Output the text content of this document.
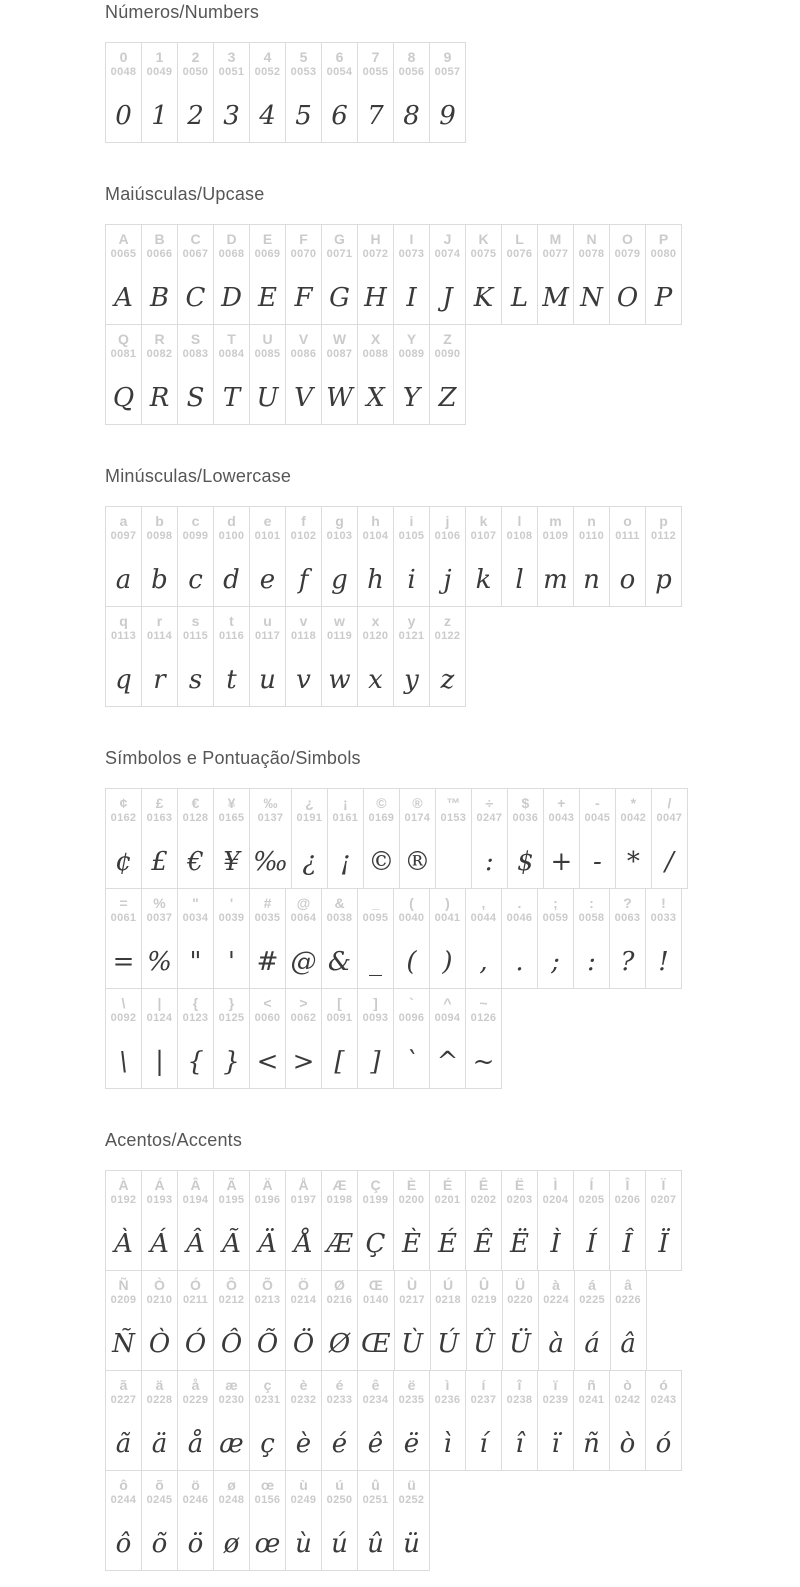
Números/Numbers
0
0048
0
1
0049
1
2
0050
2
3
0051
3
4
0052
4
5
0053
5
6
0054
6
7
0055
7
8
0056
8
9
0057
9
Maiúsculas/Upcase
A
0065
A
B
0066
B
C
0067
C
D
0068
D
E
0069
E
F
0070
F
G
0071
G
H
0072
H
I
0073
I
J
0074
J
K
0075
K
L
0076
L
M
0077
M
N
0078
N
O
0079
O
P
0080
P
Q
0081
Q
R
0082
R
S
0083
S
T
0084
T
U
0085
U
V
0086
V
W
0087
W
X
0088
X
Y
0089
Y
Z
0090
Z
Minúsculas/Lowercase
a
0097
a
b
0098
b
c
0099
c
d
0100
d
e
0101
e
f
0102
f
g
0103
g
h
0104
h
i
0105
i
j
0106
j
k
0107
k
l
0108
l
m
0109
m
n
0110
n
o
0111
o
p
0112
p
q
0113
q
r
0114
r
s
0115
s
t
0116
t
u
0117
u
v
0118
v
w
0119
w
x
0120
x
y
0121
y
z
0122
z
Símbolos e Pontuação/Simbols
¢
0162
¢
£
0163
£
€
0128
€
¥
0165
¥
‰
0137
‰
¿
0191
¿
¡
0161
¡
©
0169
©
®
0174
®
™
0153
÷
0247
:
$
0036
$
+
0043
+
-
0045
-
*
0042
*
/
0047
/
=
0061
=
%
0037
%
"
0034
"
'
0039
'
#
0035
#
@
0064
@
&
0038
&
_
0095
_
(
0040
(
)
0041
)
,
0044
,
.
0046
.
;
0059
;
:
0058
:
?
0063
?
!
0033
!
\
0092
\
|
0124
|
{
0123
{
}
0125
}
<
0060
<
>
0062
>
[
0091
[
]
0093
]
`
0096
`
^
0094
^
~
0126
~
Acentos/Accents
À
0192
À
Á
0193
Á
Â
0194
Â
Ã
0195
Ã
Ä
0196
Ä
Å
0197
Å
Æ
0198
Æ
Ç
0199
Ç
È
0200
È
É
0201
É
Ê
0202
Ê
Ë
0203
Ë
Ì
0204
Ì
Í
0205
Í
Î
0206
Î
Ï
0207
Ï
Ñ
0209
Ñ
Ò
0210
Ò
Ó
0211
Ó
Ô
0212
Ô
Õ
0213
Õ
Ö
0214
Ö
Ø
0216
Ø
Œ
0140
Œ
Ù
0217
Ù
Ú
0218
Ú
Û
0219
Û
Ü
0220
Ü
à
0224
à
á
0225
á
â
0226
â
ã
0227
ã
ä
0228
ä
å
0229
å
æ
0230
æ
ç
0231
ç
è
0232
è
é
0233
é
ê
0234
ê
ë
0235
ë
ì
0236
ì
í
0237
í
î
0238
î
ï
0239
ï
ñ
0241
ñ
ò
0242
ò
ó
0243
ó
ô
0244
ô
õ
0245
õ
ö
0246
ö
ø
0248
ø
œ
0156
œ
ù
0249
ù
ú
0250
ú
û
0251
û
ü
0252
ü
